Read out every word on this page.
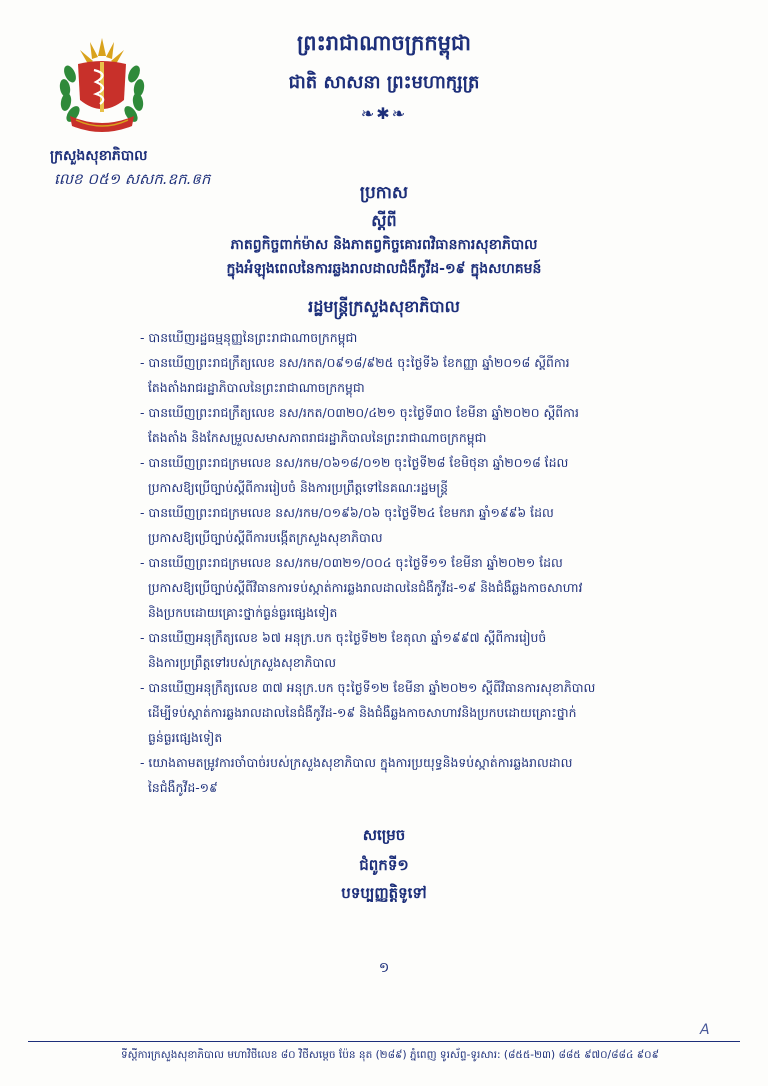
ព្រះរាជាណាចក្រកម្ពុជា
ជាតិ សាសនា ព្រះមហាក្សត្រ
❧✱❧
ក្រសួងសុខាភិបាល
លេខ ០៥១ សសក.ឧក.ឲក
ប្រកាស
ស្ដីពី
ភាតព្វកិច្ចពាក់ម៉ាស និងភាតព្វកិច្ចគោរពវិធានការសុខាភិបាល
ក្នុងអំឡុងពេលនៃការឆ្លងរាលដាលជំងឺកូវីដ-១៩ ក្នុងសហគមន៍
រដ្ឋមន្ត្រីក្រសួងសុខាភិបាល
- បានឃើញរដ្ឋធម្មនុញ្ញនៃព្រះរាជាណាចក្រកម្ពុជា
- បានឃើញព្រះរាជក្រឹត្យលេខ នស/រកត/០៩១៨/៩២៥ ចុះថ្ងៃទី៦ ខែកញ្ញា ឆ្នាំ២០១៨ ស្ដីពីការ
តែងតាំងរាជរដ្ឋាភិបាលនៃព្រះរាជាណាចក្រកម្ពុជា
- បានឃើញព្រះរាជក្រឹត្យលេខ នស/រកត/០៣២០/៤២១ ចុះថ្ងៃទី៣០ ខែមីនា ឆ្នាំ២០២០ ស្ដីពីការ
តែងតាំង និងកែសម្រួលសមាសភាពរាជរដ្ឋាភិបាលនៃព្រះរាជាណាចក្រកម្ពុជា
- បានឃើញព្រះរាជក្រមលេខ នស/រកម/០៦១៨/០១២ ចុះថ្ងៃទី២៨ ខែមិថុនា ឆ្នាំ២០១៨ ដែល
ប្រកាសឱ្យប្រើច្បាប់ស្ដីពីការរៀបចំ និងការប្រព្រឹត្តទៅនៃគណៈរដ្ឋមន្ត្រី
- បានឃើញព្រះរាជក្រមលេខ នស/រកម/០១៩៦/០៦ ចុះថ្ងៃទី២៤ ខែមករា ឆ្នាំ១៩៩៦ ដែល
ប្រកាសឱ្យប្រើច្បាប់ស្ដីពីការបង្កើតក្រសួងសុខាភិបាល
- បានឃើញព្រះរាជក្រមលេខ នស/រកម/០៣២១/០០៤ ចុះថ្ងៃទី១១ ខែមីនា ឆ្នាំ២០២១ ដែល
ប្រកាសឱ្យប្រើច្បាប់ស្ដីពីវិធានការទប់ស្កាត់ការឆ្លងរាលដាលនៃជំងឺកូវីដ-១៩ និងជំងឺឆ្លងកាចសាហាវ
និងប្រកបដោយគ្រោះថ្នាក់ធ្ងន់ធ្ងរផ្សេងទៀត
- បានឃើញអនុក្រឹត្យលេខ ៦៧ អនុក្រ.បក ចុះថ្ងៃទី២២ ខែតុលា ឆ្នាំ១៩៩៧ ស្ដីពីការរៀបចំ
និងការប្រព្រឹត្តទៅរបស់ក្រសួងសុខាភិបាល
- បានឃើញអនុក្រឹត្យលេខ ៣៧ អនុក្រ.បក ចុះថ្ងៃទី១២ ខែមីនា ឆ្នាំ២០២១ ស្ដីពីវិធានការសុខាភិបាល
ដើម្បីទប់ស្កាត់ការឆ្លងរាលដាលនៃជំងឺកូវីដ-១៩ និងជំងឺឆ្លងកាចសាហាវនិងប្រកបដោយគ្រោះថ្នាក់
ធ្ងន់ធ្ងរផ្សេងទៀត
- យោងតាមតម្រូវការចាំបាច់របស់ក្រសួងសុខាភិបាល ក្នុងការប្រយុទ្ធនិងទប់ស្កាត់ការឆ្លងរាលដាល
នៃជំងឺកូវីដ-១៩
សម្រេច
ជំពូកទី១
បទប្បញ្ញត្តិទូទៅ
១
A
ទីស្ដីការក្រសួងសុខាភិបាល មហាវិថីលេខ ៨០ វិថីសម្ដេច ប៉ែន នុត (២៨៩) ភ្នំពេញ ទូរស័ព្ទ-ទូរសារ: (៨៥៥-២៣) ៨៨៥ ៩៧០/៨៨៤ ៩០៩
